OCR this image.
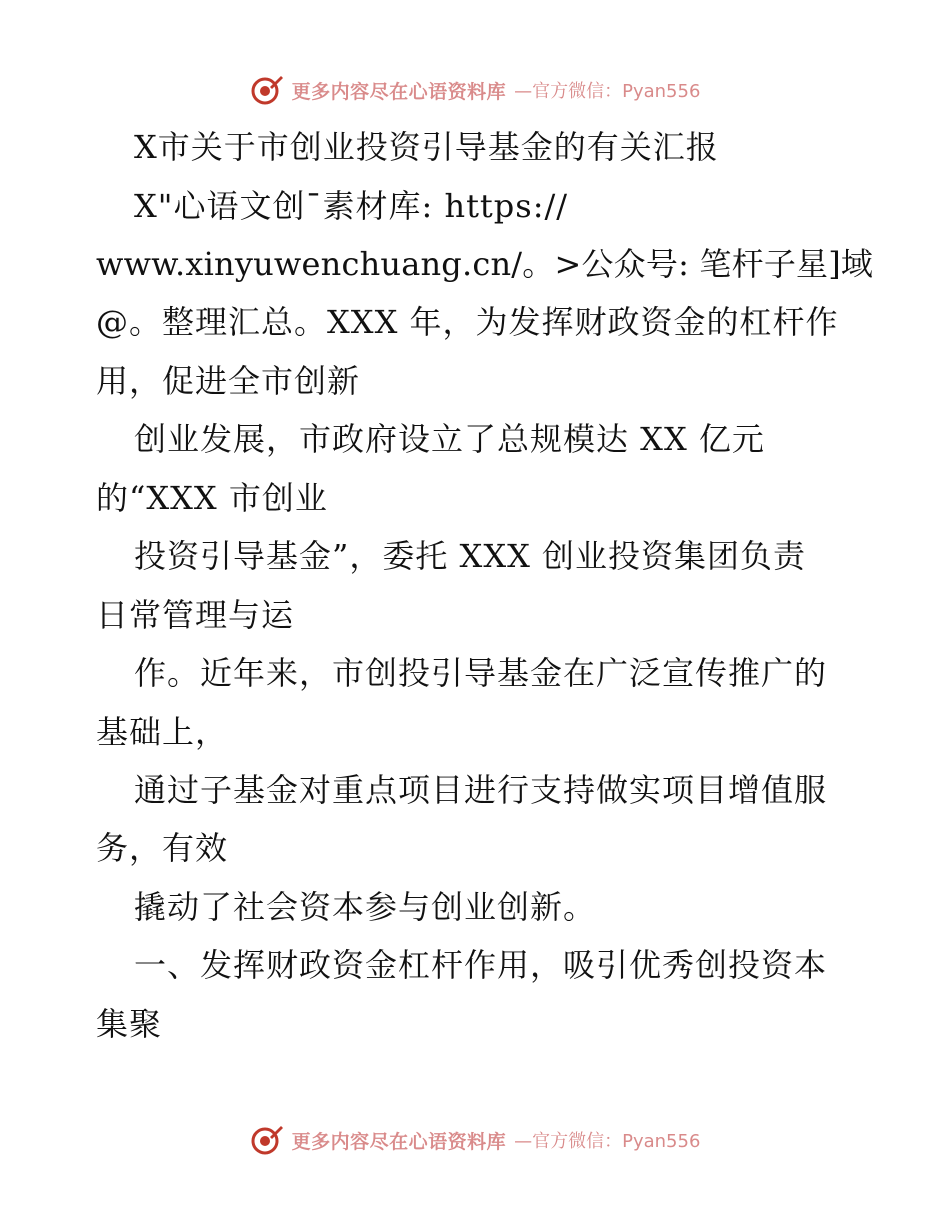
更多内容尽在心语资料库 —官方微信：Pyan556
X市关于市创业投资引导基金的有关汇报
X"心语文创¯素材库: https://
www.xinyuwenchuang.cn/。>公众号: 笔杆子星]域
@。整理汇总。XXX 年，为发挥财政资金的杠杆作
用，促进全市创新
创业发展，市政府设立了总规模达 XX 亿元
的“XXX 市创业
投资引导基金”，委托 XXX 创业投资集团负责
日常管理与运
作。近年来，市创投引导基金在广泛宣传推广的
基础上，
通过子基金对重点项目进行支持做实项目增值服
务，有效
撬动了社会资本参与创业创新。
一、发挥财政资金杠杆作用，吸引优秀创投资本
集聚
更多内容尽在心语资料库 —官方微信：Pyan556
